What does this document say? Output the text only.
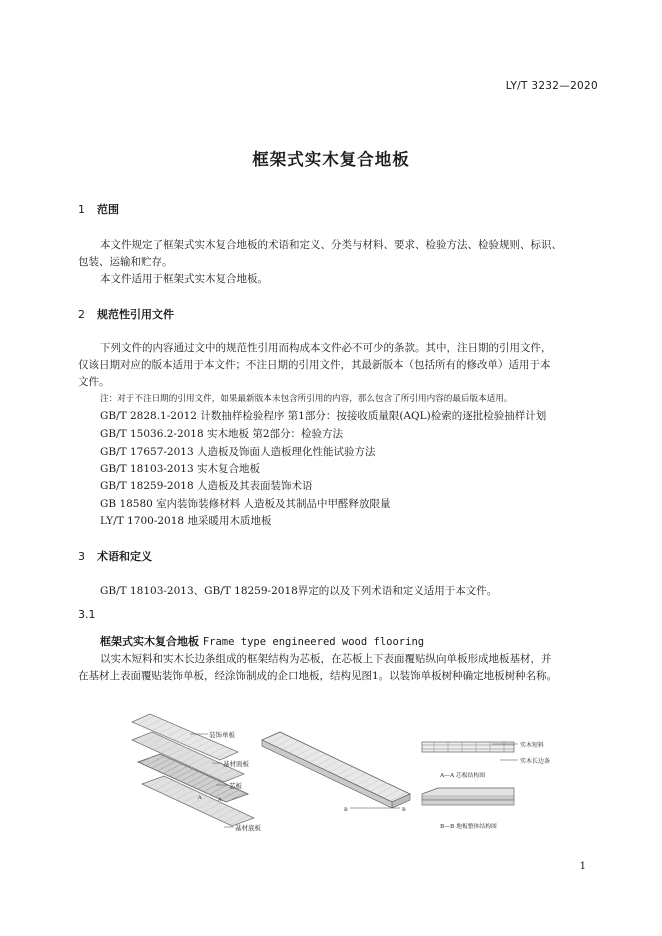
LY/T 3232—2020
框架式实木复合地板
1 范围
本文件规定了框架式实木复合地板的术语和定义、分类与材料、要求、检验方法、检验规则、标识、
包装、运输和贮存。
本文件适用于框架式实木复合地板。
2 规范性引用文件
下列文件的内容通过文中的规范性引用而构成本文件必不可少的条款。其中，注日期的引用文件，
仅该日期对应的版本适用于本文件；不注日期的引用文件，其最新版本（包括所有的修改单）适用于本
文件。
注：对于不注日期的引用文件，如果最新版本未包含所引用的内容，那么包含了所引用内容的最后版本适用。
GB/T 2828.1-2012 计数抽样检验程序 第1部分：按接收质量限(AQL)检索的逐批检验抽样计划
GB/T 15036.2-2018 实木地板 第2部分：检验方法
GB/T 17657-2013 人造板及饰面人造板理化性能试验方法
GB/T 18103-2013 实木复合地板
GB/T 18259-2018 人造板及其表面装饰术语
GB 18580 室内装饰装修材料 人造板及其制品中甲醛释放限量
LY/T 1700-2018 地采暖用木质地板
3 术语和定义
GB/T 18103-2013、GB/T 18259-2018界定的以及下列术语和定义适用于本文件。
3.1
框架式实木复合地板 Frame type engineered wood flooring
以实木短料和实木长边条组成的框架结构为芯板，在芯板上下表面覆贴纵向单板形成地板基材，并
在基材上表面覆贴装饰单板，经涂饰制成的企口地板，结构见图1。以装饰单板树种确定地板树种名称。
装饰单板
基材面板
芯板
基材底板
A	A
B	B
实木短料
实木长边条
A—A 芯板结构图
B—B 地板整体结构图
1
